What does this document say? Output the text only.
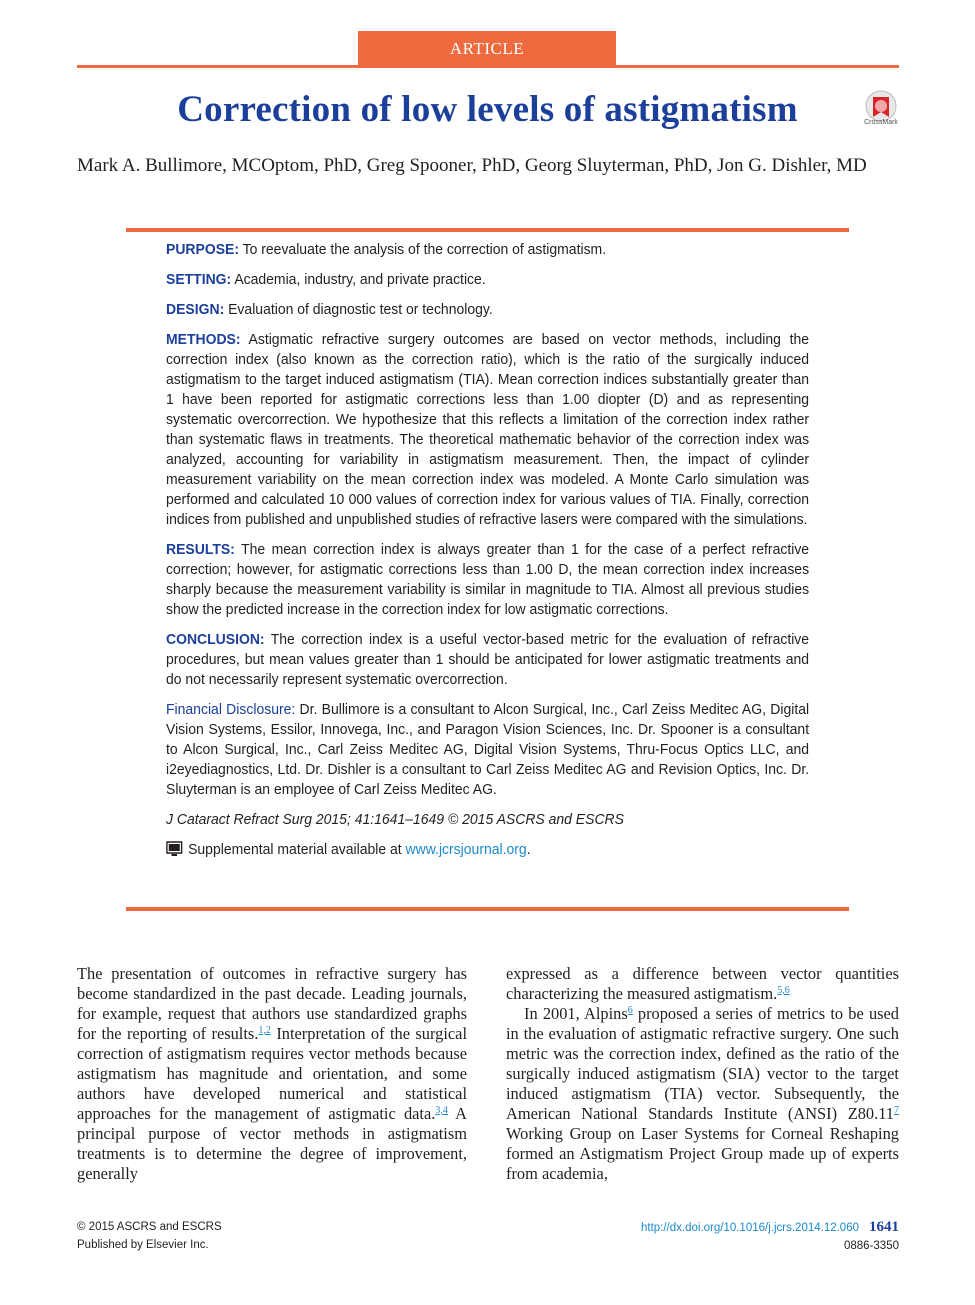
ARTICLE
Correction of low levels of astigmatism	CrossMark
Mark A. Bullimore, MCOptom, PhD, Greg Spooner, PhD, Georg Sluyterman, PhD, Jon G. Dishler, MD

PURPOSE: To reevaluate the analysis of the correction of astigmatism.

SETTING: Academia, industry, and private practice.

DESIGN: Evaluation of diagnostic test or technology.

METHODS: Astigmatic refractive surgery outcomes are based on vector methods, including the correction index (also known as the correction ratio), which is the ratio of the surgically induced astigmatism to the target induced astigmatism (TIA). Mean correction indices substantially greater than 1 have been reported for astigmatic corrections less than 1.00 diopter (D) and as representing systematic overcorrection. We hypothesize that this reflects a limitation of the correction index rather than systematic flaws in treatments. The theoretical mathematic behavior of the correction index was analyzed, accounting for variability in astigmatism measurement. Then, the impact of cylinder measurement variability on the mean correction index was modeled. A Monte Carlo simulation was performed and calculated 10 000 values of correction index for various values of TIA. Finally, correction indices from published and unpublished studies of refractive lasers were compared with the simulations.

RESULTS: The mean correction index is always greater than 1 for the case of a perfect refractive correction; however, for astigmatic corrections less than 1.00 D, the mean correction index increases sharply because the measurement variability is similar in magnitude to TIA. Almost all previous studies show the predicted increase in the correction index for low astigmatic corrections.

CONCLUSION: The correction index is a useful vector-based metric for the evaluation of refractive procedures, but mean values greater than 1 should be anticipated for lower astigmatic treatments and do not necessarily represent systematic overcorrection.

Financial Disclosure: Dr. Bullimore is a consultant to Alcon Surgical, Inc., Carl Zeiss Meditec AG, Digital Vision Systems, Essilor, Innovega, Inc., and Paragon Vision Sciences, Inc. Dr. Spooner is a consultant to Alcon Surgical, Inc., Carl Zeiss Meditec AG, Digital Vision Systems, Thru-Focus Optics LLC, and i2eyediagnostics, Ltd. Dr. Dishler is a consultant to Carl Zeiss Meditec AG and Revision Optics, Inc. Dr. Sluyterman is an employee of Carl Zeiss Meditec AG.

J Cataract Refract Surg 2015; 41:1641–1649 © 2015 ASCRS and ESCRS

Supplemental material available at www.jcrsjournal.org.

The presentation of outcomes in refractive surgery has become standardized in the past decade. Leading journals, for example, request that authors use standardized graphs for the reporting of results.$^{1,2}$ Interpretation of the surgical correction of astigmatism requires vector methods because astigmatism has magnitude and orientation, and some authors have developed numerical and statistical approaches for the management of astigmatic data.$^{3,4}$ A principal purpose of vector methods in astigmatism treatments is to determine the degree of improvement, generally

expressed as a difference between vector quantities characterizing the measured astigmatism.$^{5,6}$

In 2001, Alpins$^6$ proposed a series of metrics to be used in the evaluation of astigmatic refractive surgery. One such metric was the correction index, defined as the ratio of the surgically induced astigmatism (SIA) vector to the target induced astigmatism (TIA) vector. Subsequently, the American National Standards Institute (ANSI) Z80.11$^7$ Working Group on Laser Systems for Corneal Reshaping formed an Astigmatism Project Group made up of experts from academia,

© 2015 ASCRS and ESCRS
Published by Elsevier Inc.
http://dx.doi.org/10.1016/j.jcrs.2014.12.060 1641
0886-3350
